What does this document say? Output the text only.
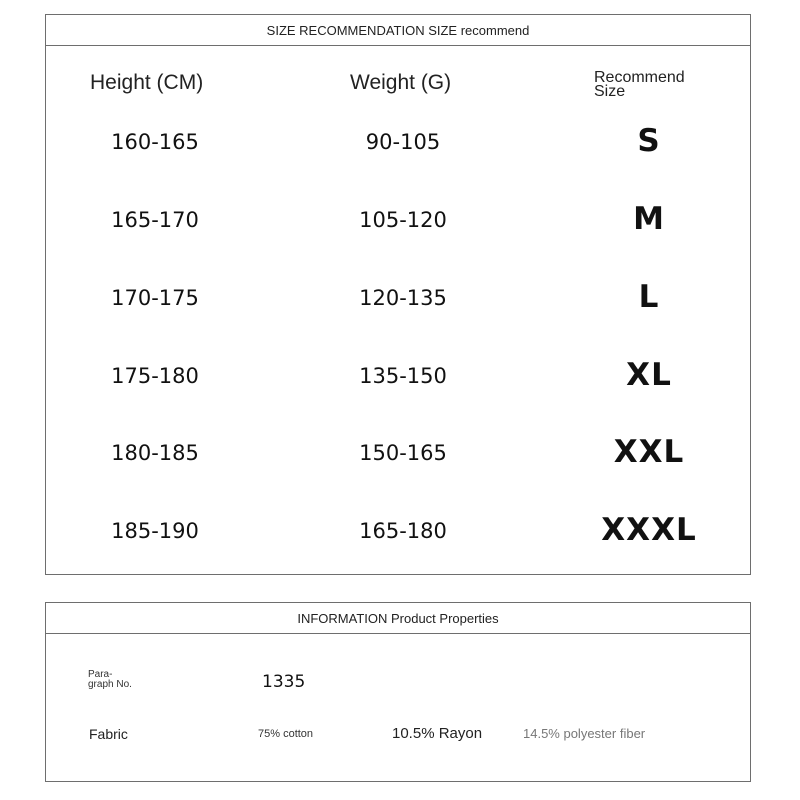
SIZE RECOMMENDATION SIZE recommend
Height (CM)	Weight (G)	Recommend
Size
160-165	90-105	S
165-170	105-120	M
170-175	120-135	L
175-180	135-150	XL
180-185	150-165	XXL
185-190	165-180	XXXL
INFORMATION Product Properties
Para-
graph No.	1335
Fabric	75% cotton	10.5% Rayon	14.5% polyester fiber
